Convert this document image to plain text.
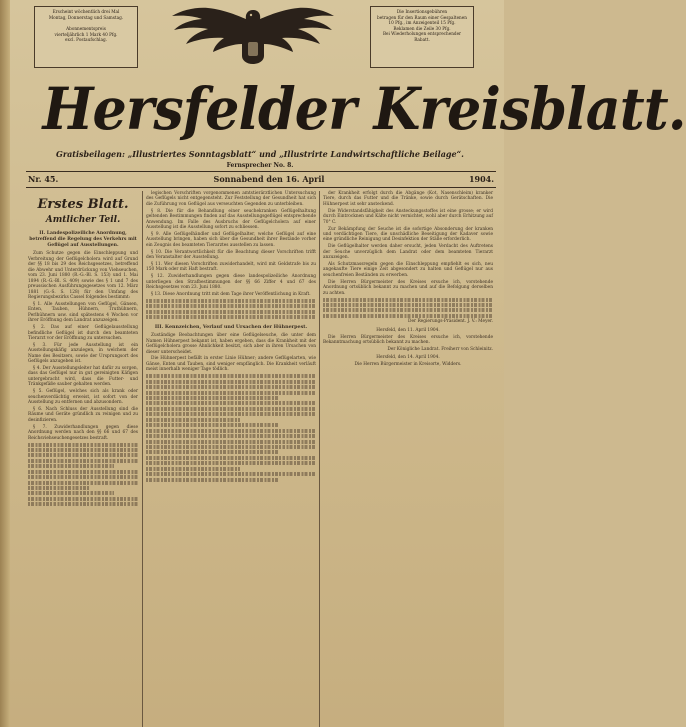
Erscheint wöchentlich drei Mal
Montag, Donnerstag und Samstag.
Abonnementspreis
vierteljährlich 1 Mark 40 Pfg.
excl. Postaufschlag.
Die Insertionsgebühren
betragen für den Raum einer Gespaltenen
10 Pfg., im Anzeigenteil 15 Pfg.
Reklamen die Zeile 30 Pfg.
Bei Wiederholungen entsprechender
Rabatt.
Hersfelder Kreisblatt.
Gratisbeilagen: „Illustriertes Sonntagsblatt“ und „Illustrirte Landwirtschaftliche Beilage“.
Fernsprecher No. 8.
Nr. 45.	Sonnabend den 16. April	1904.
Erstes Blatt.
Amtlicher Teil.
II. Landespolizeiliche Anordnung, betreffend die Regelung des Verkehrs mit Geflügel auf Ausstellungen.

Zum Schutze gegen die Einschleppung und Verbreitung der Geflügelcholera wird auf Grund der §§ 18 bis 29 des Reichsgesetzes, betreffend die Abwehr und Unterdrückung von Viehseuchen, vom 23. Juni 1880 (R.-G.-Bl. S. 153) und 1. Mai 1894 (R.-G.-Bl. S. 409) sowie des § 1 und 7 des preussischen Ausführungsgesetzes vom 12. März 1881 (G.-S. S. 128) für den Umfang des Regierungsbezirks Cassel folgendes bestimmt:

§ 1. Alle Ausstellungen von Geflügel, Gänsen, Enten, Tauben, Hühnern, Truthühnern, Perlhühnern usw. sind spätestens 4 Wochen vor ihrer Eröffnung dem Landrat anzuzeigen.

§ 2. Das auf einer Geflügelausstellung befindliche Geflügel ist durch den beamteten Tierarzt vor der Eröffnung zu untersuchen.

§ 3. Für jede Ausstellung ist ein Ausstellungskäfig anzulegen, in welchem der Name des Besitzers, sowie der Ursprungsort des Geflügels anzugeben ist.

§ 4. Der Ausstellungsleiter hat dafür zu sorgen, dass das Geflügel nur in gut gereinigten Käfigen untergebracht wird, dass die Futter- und Tränkgefäße sauber gehalten werden.

§ 5. Geflügel, welches sich als krank oder seuchenverdächtig erweist, ist sofort von der Ausstellung zu entfernen und abzusondern.

§ 6. Nach Schluss der Ausstellung sind die Räume und Geräte gründlich zu reinigen und zu desinfizieren.

§ 7. Zuwiderhandlungen gegen diese Anordnung werden nach den §§ 66 und 67 des Reichsviehseuchengesetzes bestraft.

legischen Vorschriften vorgenommenen amtstierärztlichen Untersuchung des Geflügels nicht entgegensteht. Zur Feststellung der Gesundheit hat sich die Zuführung von Geflügel aus verseuchten Gegenden zu unterbleiben.

§ 8. Die für die Behandlung einer seuchekranken Geflügelhaltung geltenden Bestimmungen finden auf das Ausstellungsgeflügel entsprechende Anwendung. Im Falle des Ausbruchs der Geflügelcholera auf einer Ausstellung ist die Ausstellung sofort zu schliessen.

§ 9. Alle Geflügelhändler und Geflügelhalter, welche Geflügel auf eine Ausstellung bringen, haben sich über die Gesundheit ihrer Bestände vorher ein Zeugnis des beamteten Tierarztes ausstellen zu lassen.

§ 10. Die Verantwortlichkeit für die Beachtung dieser Vorschriften trifft den Veranstalter der Ausstellung.

§ 11. Wer diesen Vorschriften zuwiderhandelt, wird mit Geldstrafe bis zu 150 Mark oder mit Haft bestraft.

§ 12. Zuwiderhandlungen gegen diese landespolizeiliche Anordnung unterliegen den Strafbestimmungen der §§ 66 Ziffer 4 und 67 des Reichsgesetzes vom 23. Juni 1880.

§ 13. Diese Anordnung tritt mit dem Tage ihrer Veröffentlichung in Kraft.

III. Kennzeichen, Verlauf und Ursachen der Hühnerpest.

Zuständige Beobachtungen über eine Geflügelseuche, die unter dem Namen Hühnerpest bekannt ist, haben ergeben, dass die Krankheit mit der Geflügelcholera grosse Ähnlichkeit besitzt, sich aber in ihren Ursachen von dieser unterscheidet.

Die Hühnerpest befällt in erster Linie Hühner; andere Geflügelarten, wie Gänse, Enten und Tauben, sind weniger empfänglich. Die Krankheit verläuft meist innerhalb weniger Tage tödlich.

der Krankheit erfolgt durch die Abgänge (Kot, Nasenschleim) kranker Tiere, durch das Futter und die Tränke, sowie durch Gerätschaften. Die Hühnerpest ist sehr ansteckend.

Die Widerstandsfähigkeit des Ansteckungsstoffes ist eine grosse; er wird durch Eintrocknen und Kälte nicht vernichtet, wohl aber durch Erhitzung auf 70° C.

Zur Bekämpfung der Seuche ist die sofortige Absonderung der kranken und verdächtigen Tiere, die unschädliche Beseitigung der Kadaver sowie eine gründliche Reinigung und Desinfektion der Ställe erforderlich.

Die Geflügelhalter werden daher ersucht, jeden Verdacht des Auftretens der Seuche unverzüglich dem Landrat oder dem beamteten Tierarzt anzuzeigen.

Als Schutzmassregeln gegen die Einschleppung empfiehlt es sich, neu angekaufte Tiere einige Zeit abgesondert zu halten und Geflügel nur aus seuchenfreien Beständen zu erwerben.

Die Herren Bürgermeister des Kreises ersuche ich, vorstehende Anordnung ortsüblich bekannt zu machen und auf die Befolgung derselben zu achten.

Der Regierungs-Präsident. J. V.: Meyer.

Hersfeld, den 11. April 1904.

Die Herren Bürgermeister des Kreises ersuche ich, vorstehende Bekanntmachung ortsüblich bekannt zu machen.

Der Königliche Landrat. Freiherr von Schleinitz.

Hersfeld, den 14. April 1904.

Die Herren Bürgermeister in Kreisorte, Widders.
